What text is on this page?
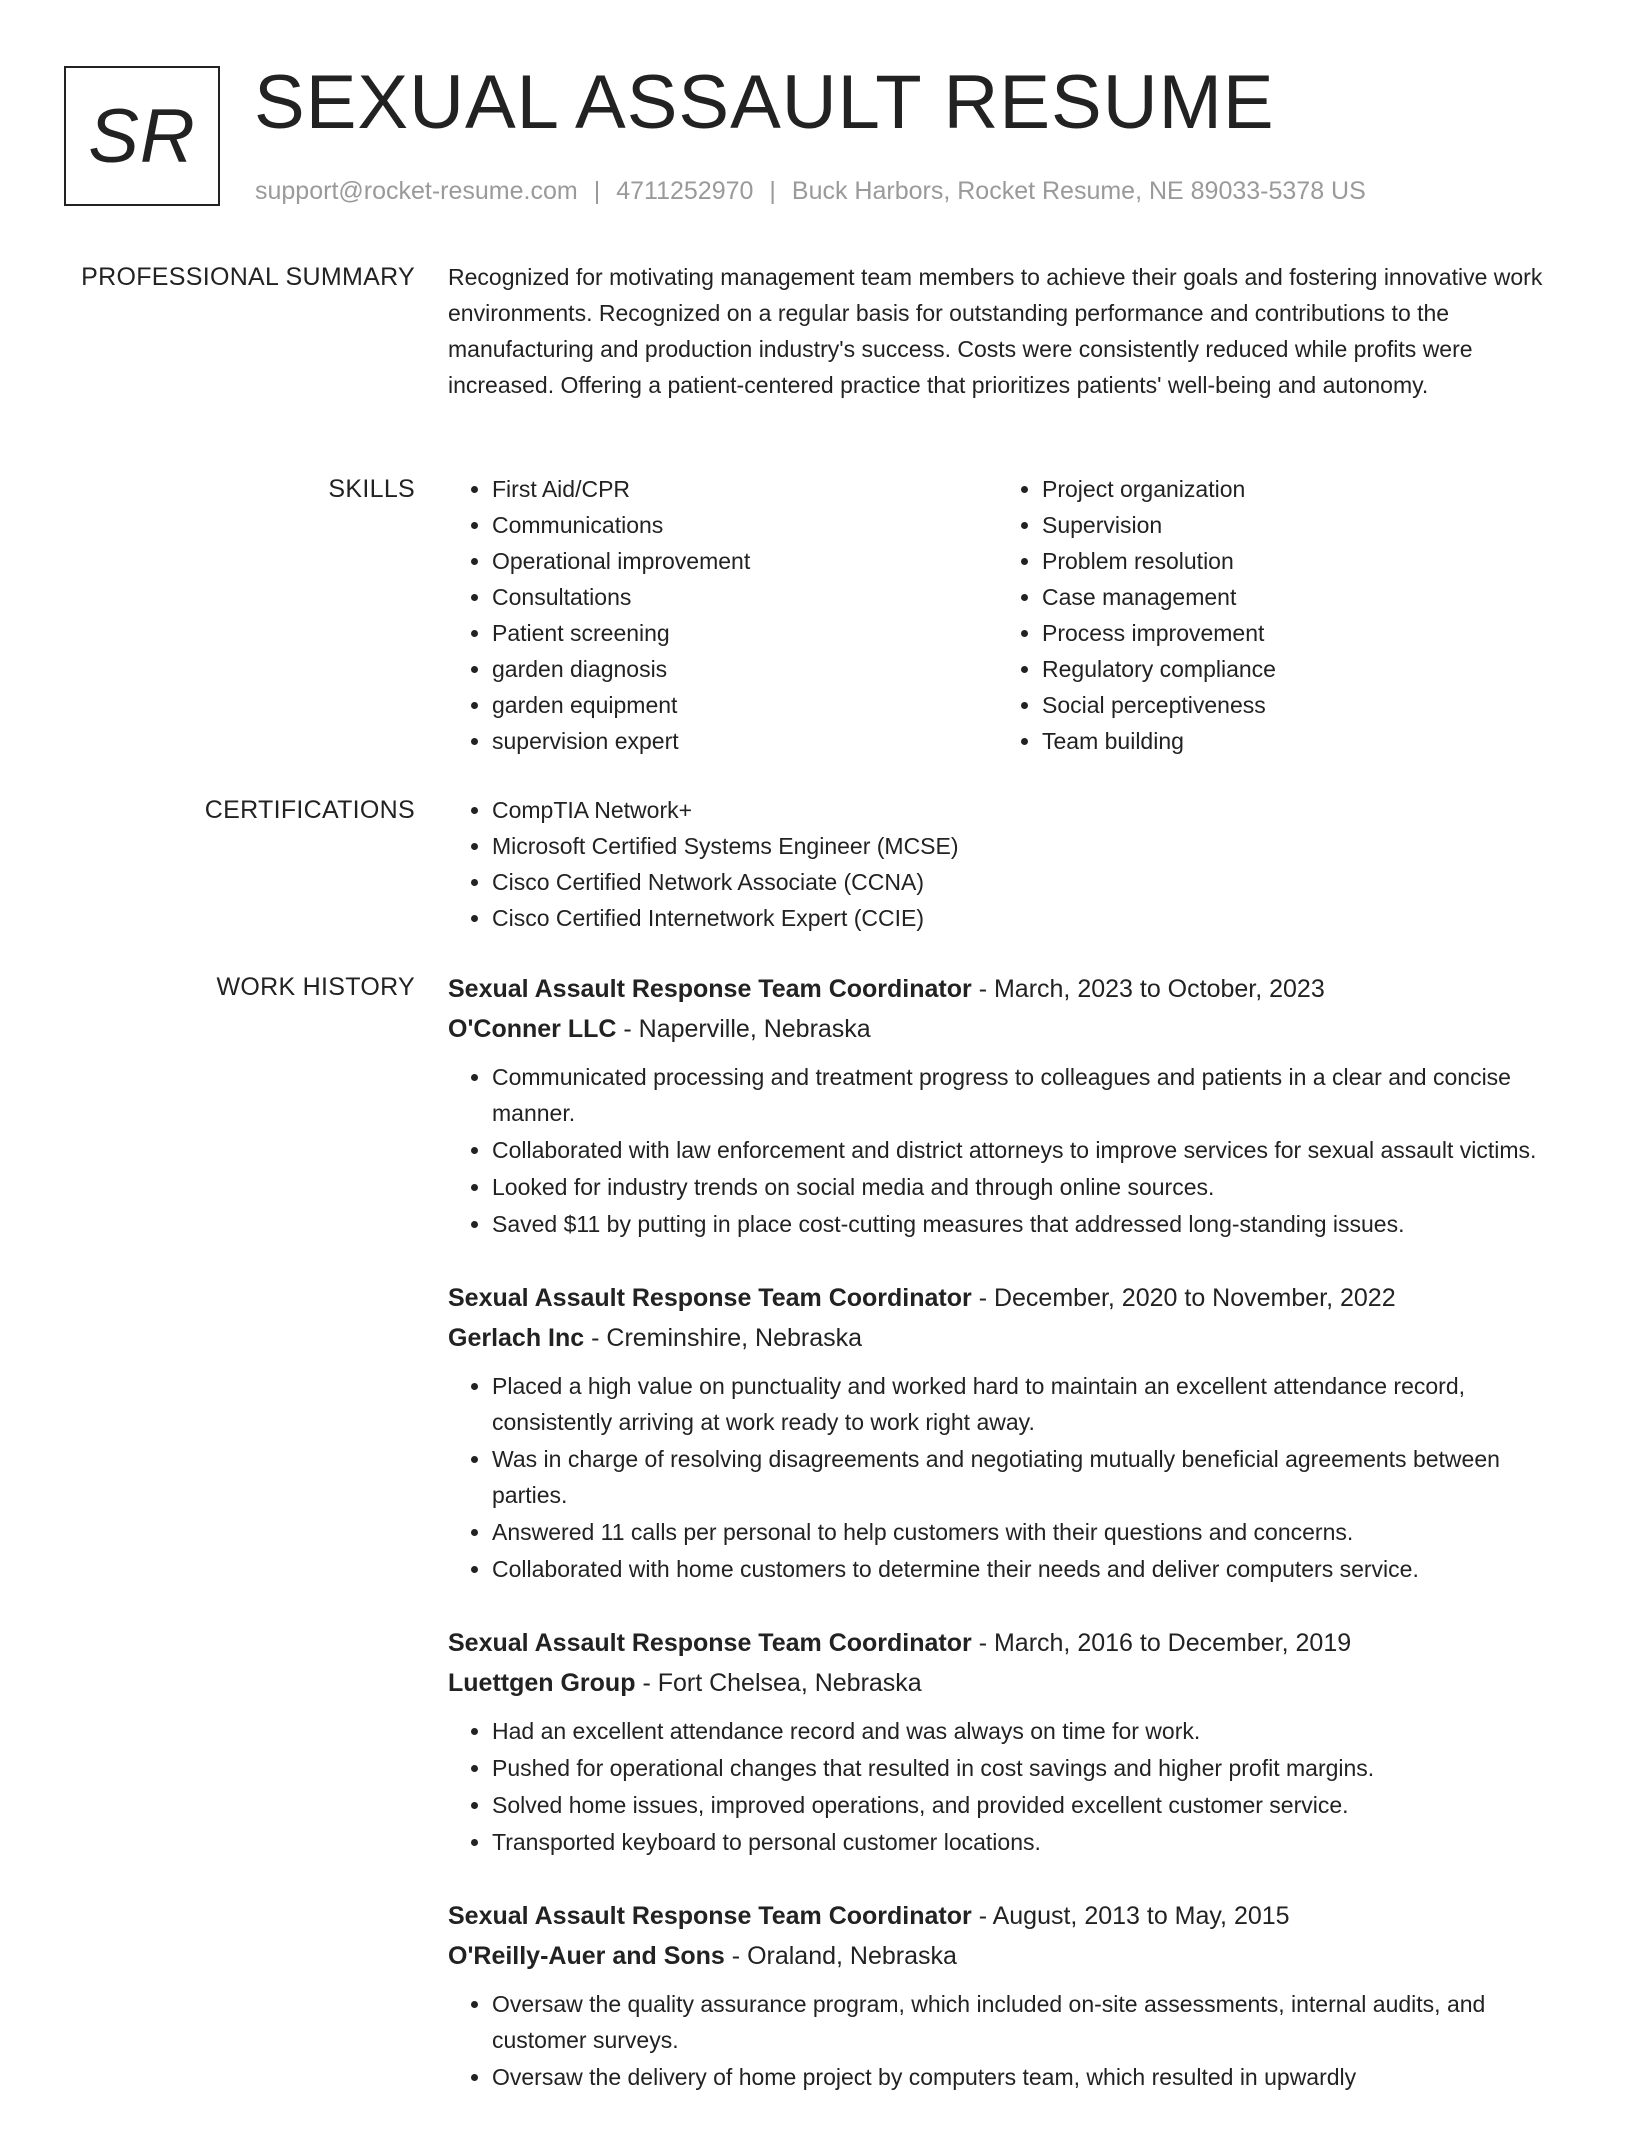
SR SEXUAL ASSAULT RESUME
support@rocket-resume.com | 4711252970 | Buck Harbors, Rocket Resume, NE 89033-5378 US
PROFESSIONAL SUMMARY Recognized for motivating management team members to achieve their goals and fostering innovative work environments. Recognized on a regular basis for outstanding performance and contributions to the manufacturing and production industry's success. Costs were consistently reduced while profits were increased. Offering a patient-centered practice that prioritizes patients' well-being and autonomy.

SKILLS	• First Aid/CPR
• Communications
• Operational improvement
• Consultations
• Patient screening
• garden diagnosis
• garden equipment
• supervision expert
• Project organization
• Supervision
• Problem resolution
• Case management
• Process improvement
• Regulatory compliance
• Social perceptiveness
• Team building
CERTIFICATIONS	• CompTIA Network+
• Microsoft Certified Systems Engineer (MCSE)
• Cisco Certified Network Associate (CCNA)
• Cisco Certified Internetwork Expert (CCIE)
WORK HISTORY Sexual Assault Response Team Coordinator - March, 2023 to October, 2023
O'Conner LLC - Naperville, Nebraska
• Communicated processing and treatment progress to colleagues and patients in a clear and concise manner.
• Collaborated with law enforcement and district attorneys to improve services for sexual assault victims.
• Looked for industry trends on social media and through online sources.
• Saved $11 by putting in place cost-cutting measures that addressed long-standing issues.
Sexual Assault Response Team Coordinator - December, 2020 to November, 2022
Gerlach Inc - Creminshire, Nebraska
• Placed a high value on punctuality and worked hard to maintain an excellent attendance record, consistently arriving at work ready to work right away.
• Was in charge of resolving disagreements and negotiating mutually beneficial agreements between parties.
• Answered 11 calls per personal to help customers with their questions and concerns.
• Collaborated with home customers to determine their needs and deliver computers service.
Sexual Assault Response Team Coordinator - March, 2016 to December, 2019
Luettgen Group - Fort Chelsea, Nebraska
• Had an excellent attendance record and was always on time for work.
• Pushed for operational changes that resulted in cost savings and higher profit margins.
• Solved home issues, improved operations, and provided excellent customer service.
• Transported keyboard to personal customer locations.
Sexual Assault Response Team Coordinator - August, 2013 to May, 2015
O'Reilly-Auer and Sons - Oraland, Nebraska
• Oversaw the quality assurance program, which included on-site assessments, internal audits, and customer surveys.
• Oversaw the delivery of home project by computers team, which resulted in upwardly
